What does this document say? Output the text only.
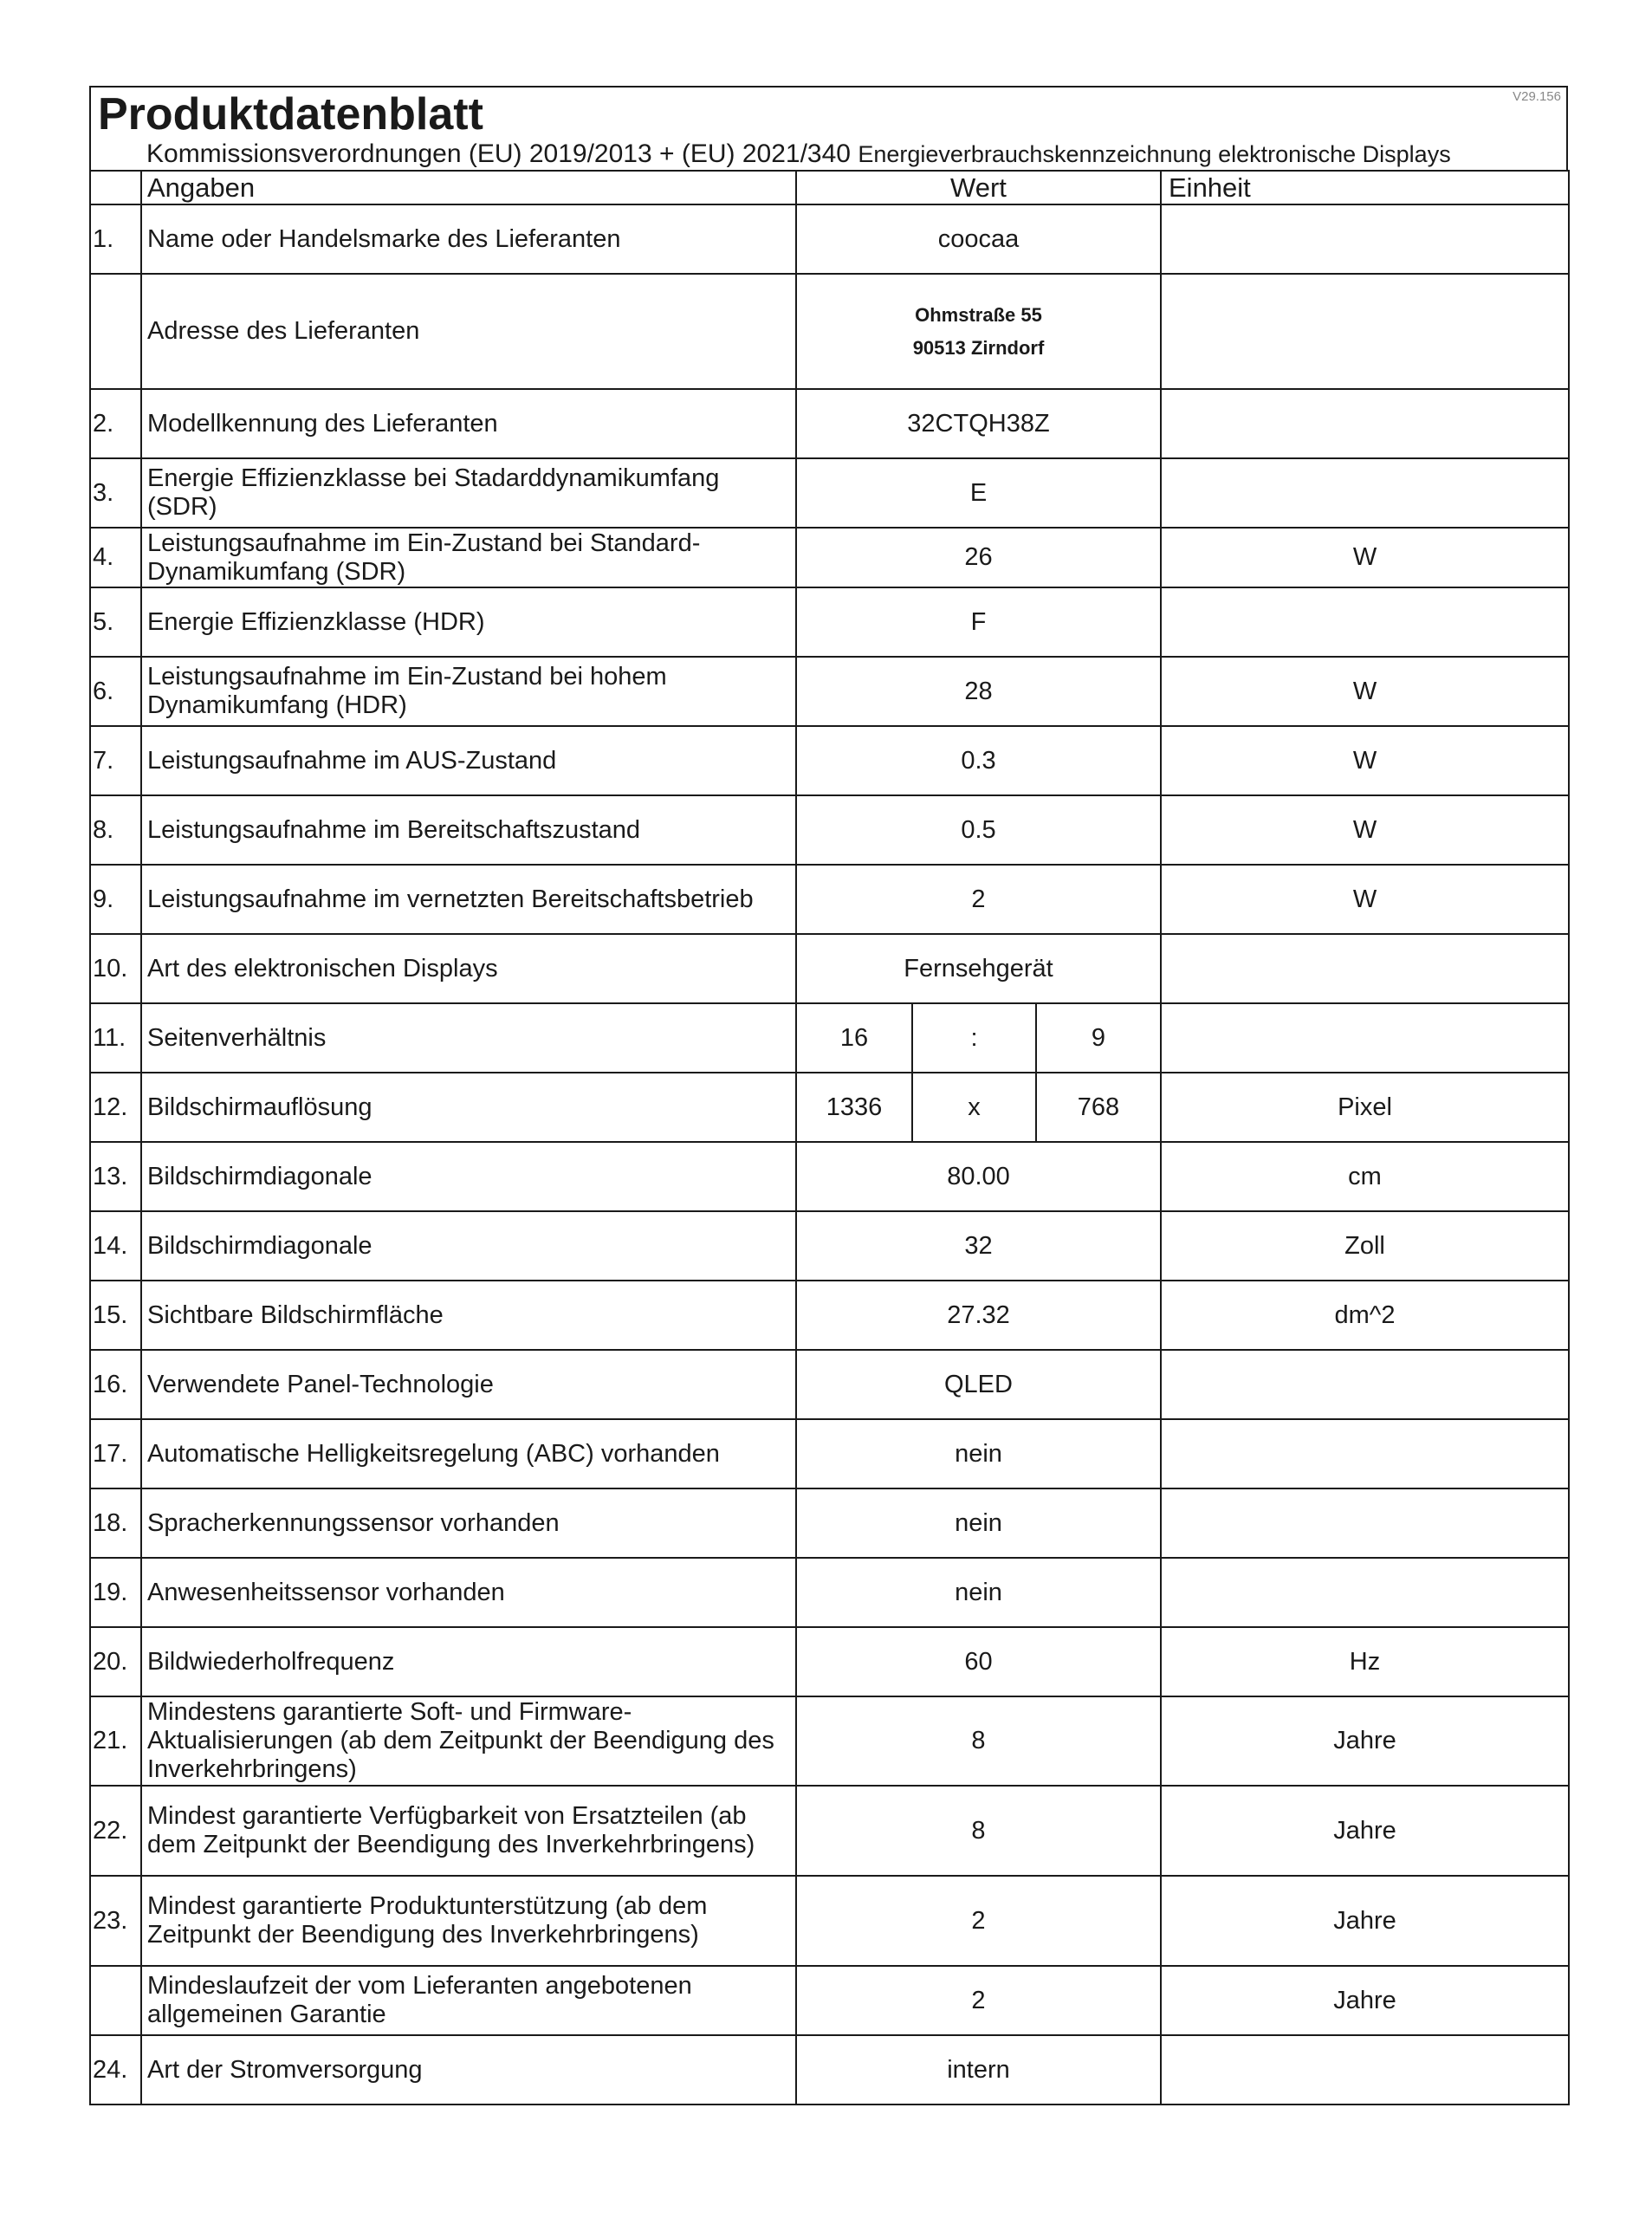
Produktdatenblatt	V29.156
Kommissionsverordnungen (EU) 2019/2013 + (EU) 2021/340 Energieverbrauchskennzeichnung elektronische Displays
	Angaben	Wert			Einheit
1.	Name oder Handelsmarke des Lieferanten	coocaa			
	Adresse des Lieferanten	Ohmstraße 55
90513 Zirndorf			

2.	Modellkennung des Lieferanten	32CTQH38Z			
3.	Energie Effizienzklasse bei Stadarddynamikumfang (SDR)	E			
4.	Leistungsaufnahme im Ein-Zustand bei Standard-Dynamikumfang (SDR)	26			W
5.	Energie Effizienzklasse (HDR)	F			
6.	Leistungsaufnahme im Ein-Zustand bei hohem Dynamikumfang (HDR)	28			W
7.	Leistungsaufnahme im AUS-Zustand	0.3			W
8.	Leistungsaufnahme im Bereitschaftszustand	0.5			W
9.	Leistungsaufnahme im vernetzten Bereitschaftsbetrieb	2			W
10.	Art des elektronischen Displays	Fernsehgerät			
11.	Seitenverhältnis	16	:	9	
12.	Bildschirmauflösung	1336	x	768	Pixel
13.	Bildschirmdiagonale	80.00			cm
14.	Bildschirmdiagonale	32			Zoll
15.	Sichtbare Bildschirmfläche	27.32			dm^2
16.	Verwendete Panel-Technologie	QLED			
17.	Automatische Helligkeitsregelung (ABC) vorhanden	nein			
18.	Spracherkennungssensor vorhanden	nein			
19.	Anwesenheitssensor vorhanden	nein			
20.	Bildwiederholfrequenz	60			Hz
21.	Mindestens garantierte Soft- und Firmware-Aktualisierungen (ab dem Zeitpunkt der Beendigung des Inverkehrbringens)	8			Jahre
22.	Mindest garantierte Verfügbarkeit von Ersatzteilen (ab dem Zeitpunkt der Beendigung des Inverkehrbringens)	8			Jahre
23.	Mindest garantierte Produktunterstützung (ab dem Zeitpunkt der Beendigung des Inverkehrbringens)	2			Jahre
	Mindeslaufzeit der vom Lieferanten angebotenen allgemeinen Garantie	2			Jahre
24.	Art der Stromversorgung	intern			
